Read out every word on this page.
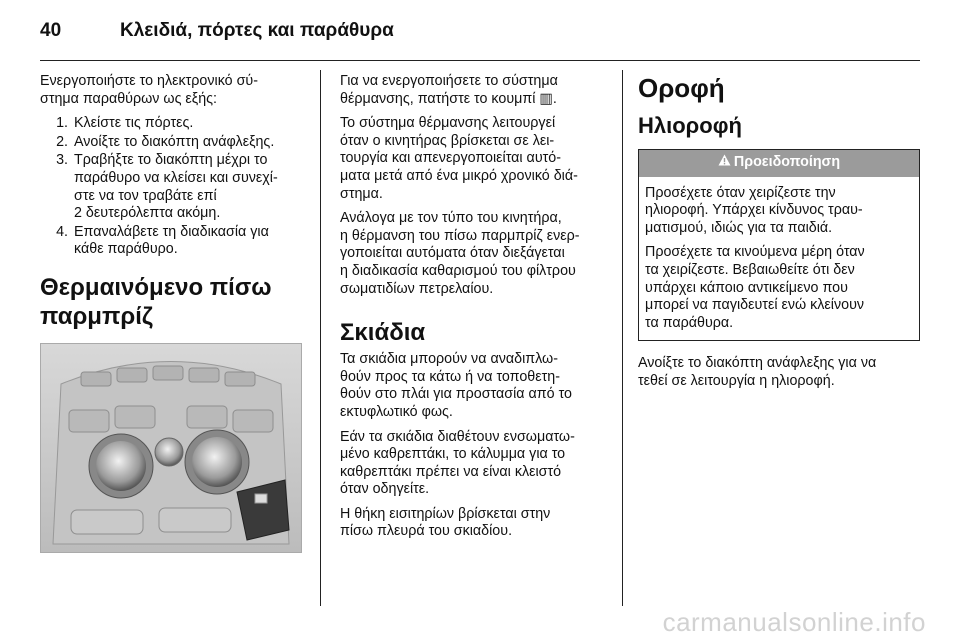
40	Κλειδιά, πόρτες και παράθυρα

Ενεργοποιήστε το ηλεκτρονικό σύ-
στημα παραθύρων ως εξής:

1. Κλείστε τις πόρτες.
2. Ανοίξτε το διακόπτη ανάφλεξης.
3. Τραβήξτε το διακόπτη μέχρι το
παράθυρο να κλείσει και συνεχί-
στε να τον τραβάτε επί
2 δευτερόλεπτα ακόμη.
4. Επαναλάβετε τη διαδικασία για
κάθε παράθυρο.
Θερμαινόμενο πίσω
παρμπρίζ

Για να ενεργοποιήσετε το σύστημα
θέρμανσης, πατήστε το κουμπί ▥.

Το σύστημα θέρμανσης λειτουργεί
όταν ο κινητήρας βρίσκεται σε λει-
τουργία και απενεργοποιείται αυτό-
ματα μετά από ένα μικρό χρονικό διά-
στημα.

Ανάλογα με τον τύπο του κινητήρα,
η θέρμανση του πίσω παρμπρίζ ενερ-
γοποιείται αυτόματα όταν διεξάγεται
η διαδικασία καθαρισμού του φίλτρου
σωματιδίων πετρελαίου.

Σκιάδια

Τα σκιάδια μπορούν να αναδιπλω-
θούν προς τα κάτω ή να τοποθετη-
θούν στο πλάι για προστασία από το
εκτυφλωτικό φως.

Εάν τα σκιάδια διαθέτουν ενσωματω-
μένο καθρεπτάκι, το κάλυμμα για το
καθρεπτάκι πρέπει να είναι κλειστό
όταν οδηγείτε.

Η θήκη εισιτηρίων βρίσκεται στην
πίσω πλευρά του σκιαδίου.

Οροφή
Ηλιοροφή
Προειδοποίηση

Προσέχετε όταν χειρίζεστε την
ηλιοροφή. Υπάρχει κίνδυνος τραυ-
ματισμού, ιδιώς για τα παιδιά.

Προσέχετε τα κινούμενα μέρη όταν
τα χειρίζεστε. Βεβαιωθείτε ότι δεν
υπάρχει κάποιο αντικείμενο που
μπορεί να παγιδευτεί ενώ κλείνουν
τα παράθυρα.

Ανοίξτε το διακόπτη ανάφλεξης για να
τεθεί σε λειτουργία η ηλιοροφή.

carmanualsonline.info
